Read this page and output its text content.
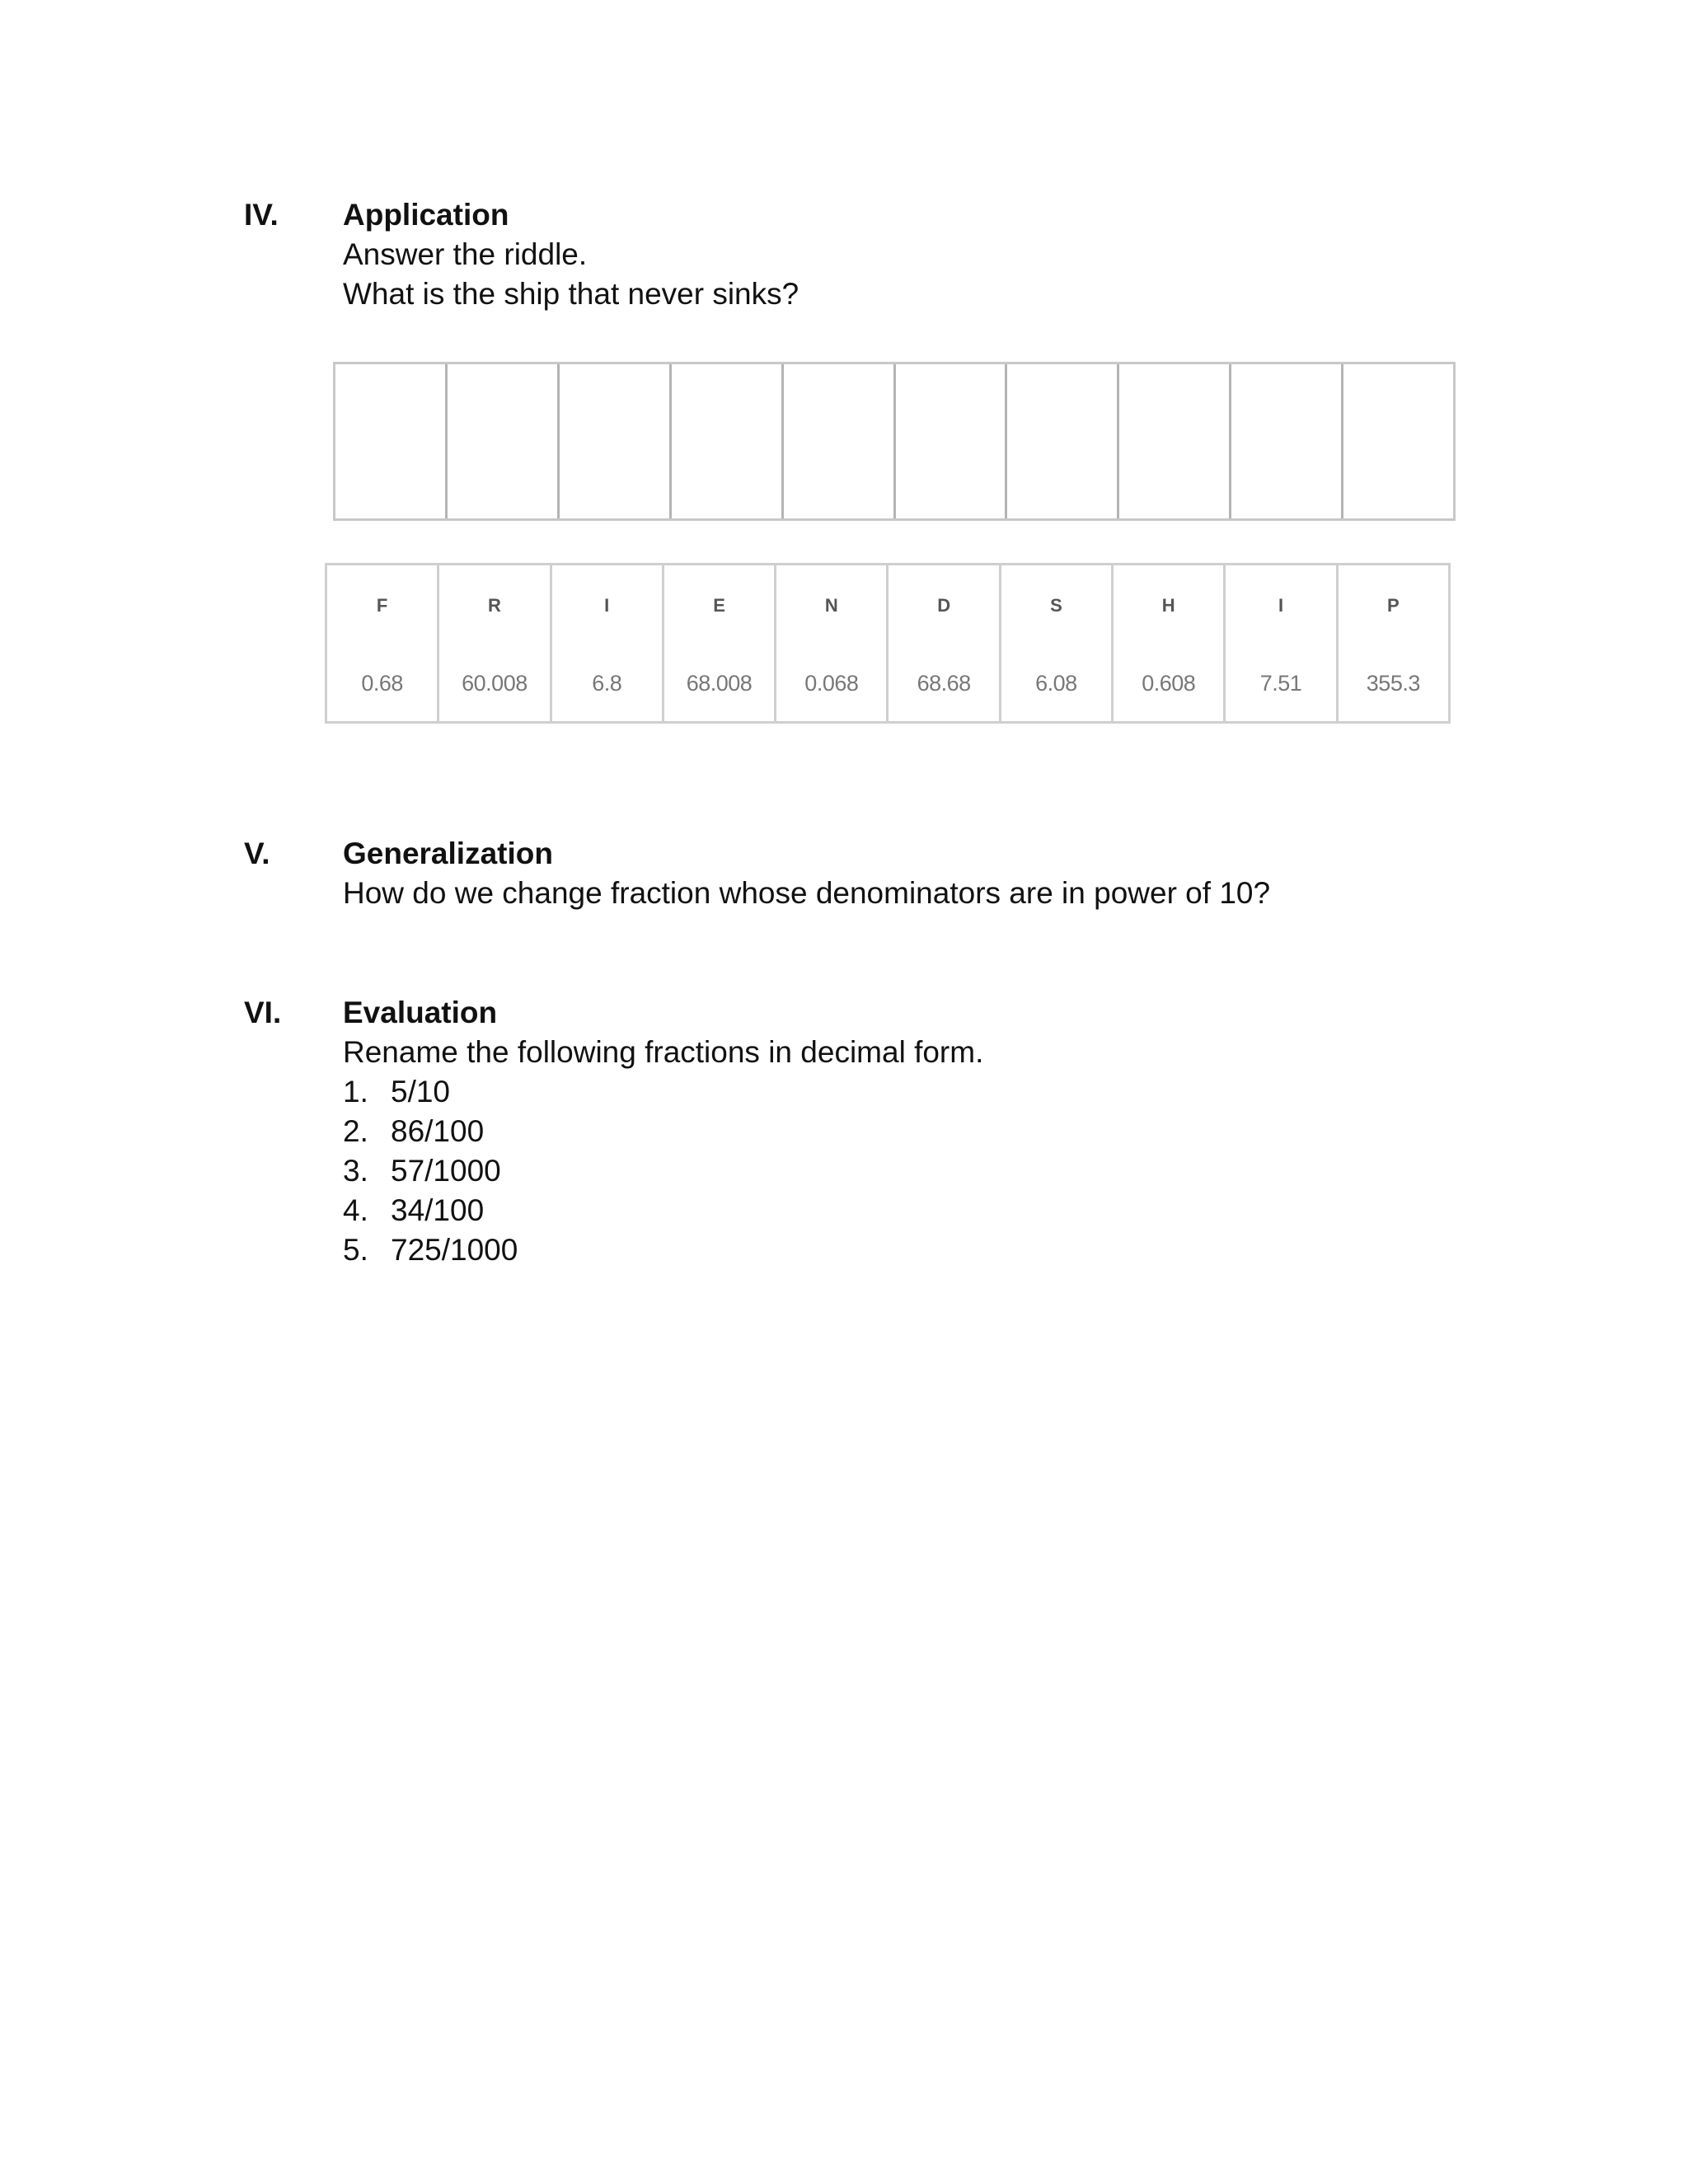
IV. Application
Answer the riddle.
What is the ship that never sinks?
F
0.68
R
60.008
I
6.8
E
68.008
N
0.068
D
68.68
S
6.08
H
0.608
I
7.51
P
355.3
V. Generalization
How do we change fraction whose denominators are in power of 10?
VI. Evaluation
Rename the following fractions in decimal form.
1. 5/10
2. 86/100
3. 57/1000
4. 34/100
5. 725/1000
